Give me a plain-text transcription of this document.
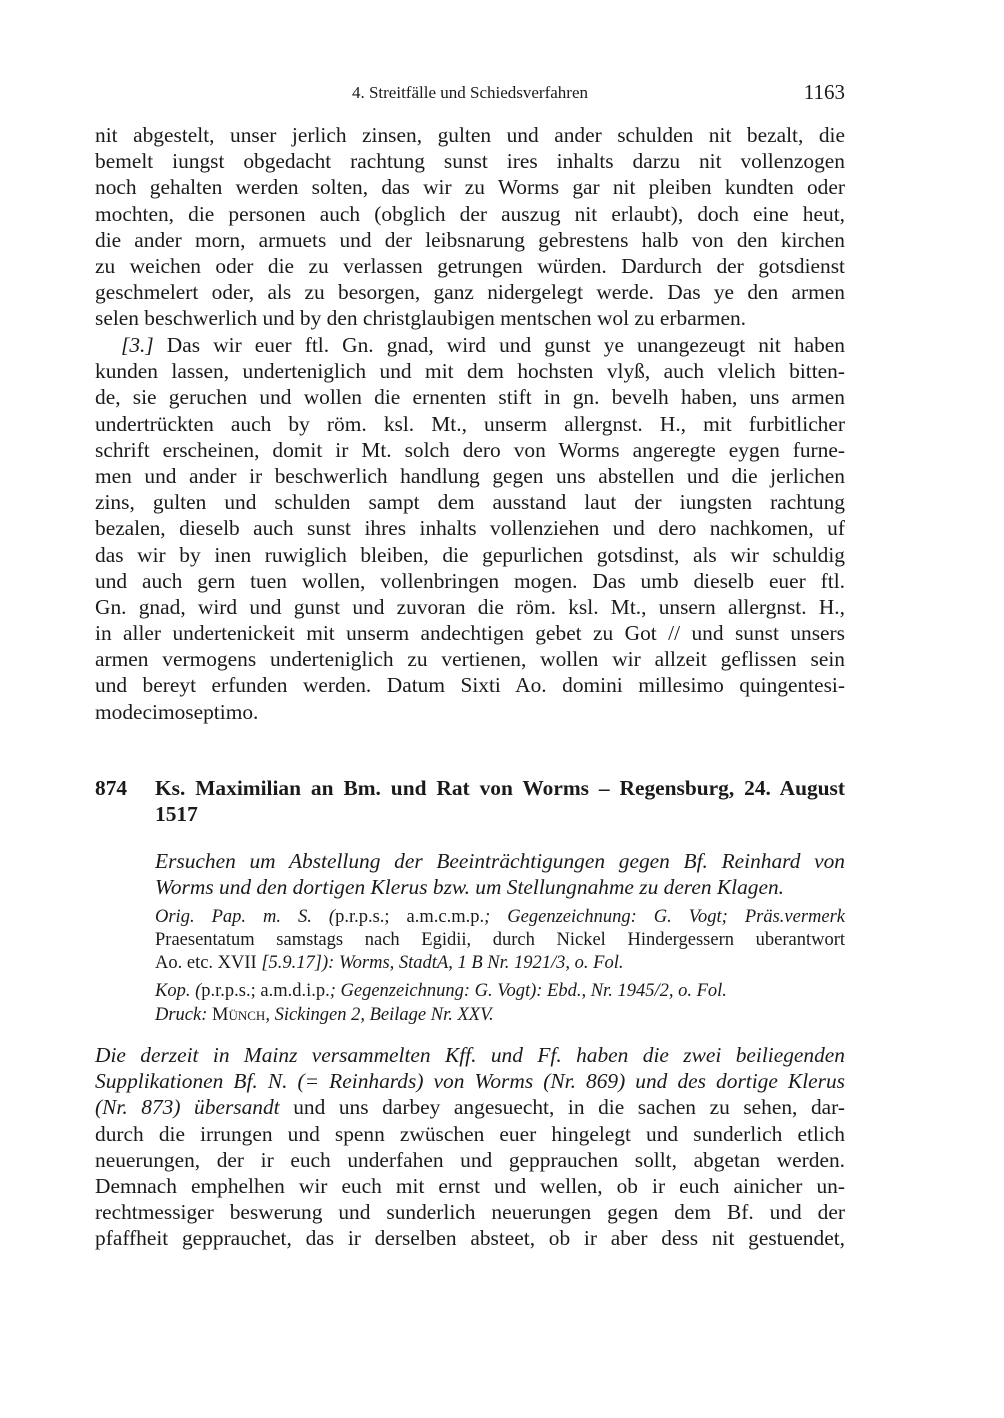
4. Streitfälle und Schiedsverfahren	1163
nit abgestelt, unser jerlich zinsen, gulten und ander schulden nit bezalt, die
bemelt iungst obgedacht rachtung sunst ires inhalts darzu nit vollenzogen
noch gehalten werden solten, das wir zu Worms gar nit pleiben kundten oder
mochten, die personen auch (obglich der auszug nit erlaubt), doch eine heut,
die ander morn, armuets und der leibsnarung gebrestens halb von den kirchen
zu weichen oder die zu verlassen getrungen würden. Dardurch der gotsdienst
geschmelert oder, als zu besorgen, ganz nidergelegt werde. Das ye den armen
selen beschwerlich und by den christglaubigen mentschen wol zu erbarmen.
[3.] Das wir euer ftl. Gn. gnad, wird und gunst ye unangezeugt nit haben
kunden lassen, underteniglich und mit dem hochsten vlyß, auch vlelich bitten-
de, sie geruchen und wollen die ernenten stift in gn. bevelh haben, uns armen
undertrückten auch by röm. ksl. Mt., unserm allergnst. H., mit furbitlicher
schrift erscheinen, domit ir Mt. solch dero von Worms angeregte eygen furne-
men und ander ir beschwerlich handlung gegen uns abstellen und die jerlichen
zins, gulten und schulden sampt dem ausstand laut der iungsten rachtung
bezalen, dieselb auch sunst ihres inhalts vollenziehen und dero nachkomen, uf
das wir by inen ruwiglich bleiben, die gepurlichen gotsdinst, als wir schuldig
und auch gern tuen wollen, vollenbringen mogen. Das umb dieselb euer ftl.
Gn. gnad, wird und gunst und zuvoran die röm. ksl. Mt., unsern allergnst. H.,
in aller undertenickeit mit unserm andechtigen gebet zu Got // und sunst unsers
armen vermogens underteniglich zu vertienen, wollen wir allzeit geflissen sein
und bereyt erfunden werden. Datum Sixti Ao. domini millesimo quingentesi-
modecimoseptimo.
874 Ks. Maximilian an Bm. und Rat von Worms – Regensburg, 24. August
1517
Ersuchen um Abstellung der Beeinträchtigungen gegen Bf. Reinhard von
Worms und den dortigen Klerus bzw. um Stellungnahme zu deren Klagen.
Orig. Pap. m. S. (p.r.p.s.; a.m.c.m.p.; Gegenzeichnung: G. Vogt; Präs.vermerk
Praesentatum samstags nach Egidii, durch Nickel Hindergessern uberantwort
Ao. etc. XVII [5.9.17]): Worms, StadtA, 1 B Nr. 1921/3, o. Fol.
Kop. (p.r.p.s.; a.m.d.i.p.; Gegenzeichnung: G. Vogt): Ebd., Nr. 1945/2, o. Fol.
Druck: Münch, Sickingen 2, Beilage Nr. XXV.
Die derzeit in Mainz versammelten Kff. und Ff. haben die zwei beiliegenden
Supplikationen Bf. N. (= Reinhards) von Worms (Nr. 869) und des dortige Klerus
(Nr. 873) übersandt und uns darbey angesuecht, in die sachen zu sehen, dar-
durch die irrungen und spenn zwüschen euer hingelegt und sunderlich etlich
neuerungen, der ir euch underfahen und gepprauchen sollt, abgetan werden.
Demnach emphelhen wir euch mit ernst und wellen, ob ir euch ainicher un-
rechtmessiger beswerung und sunderlich neuerungen gegen dem Bf. und der
pfaffheit gepprauchet, das ir derselben absteet, ob ir aber dess nit gestuendet,
